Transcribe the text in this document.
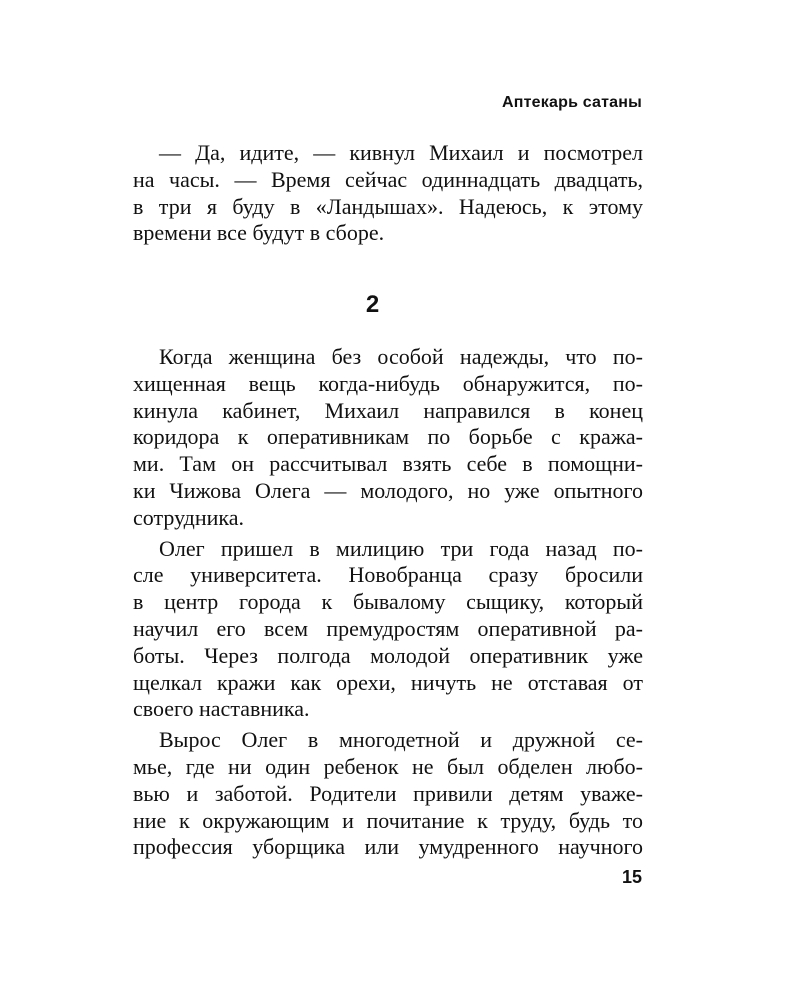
Аптекарь сатаны
— Да, идите, — кивнул Михаил и посмотрел
на часы. — Время сейчас одиннадцать двадцать,
в три я буду в «Ландышах». Надеюсь, к этому
времени все будут в сборе.
2
Когда женщина без особой надежды, что по-
хищенная вещь когда-нибудь обнаружится, по-
кинула кабинет, Михаил направился в конец
коридора к оперативникам по борьбе с кража-
ми. Там он рассчитывал взять себе в помощни-
ки Чижова Олега — молодого, но уже опытного
сотрудника.
Олег пришел в милицию три года назад по-
сле университета. Новобранца сразу бросили
в центр города к бывалому сыщику, который
научил его всем премудростям оперативной ра-
боты. Через полгода молодой оперативник уже
щелкал кражи как орехи, ничуть не отставая от
своего наставника.
Вырос Олег в многодетной и дружной се-
мье, где ни один ребенок не был обделен любо-
вью и заботой. Родители привили детям уваже-
ние к окружающим и почитание к труду, будь то
профессия уборщика или умудренного научного
15
